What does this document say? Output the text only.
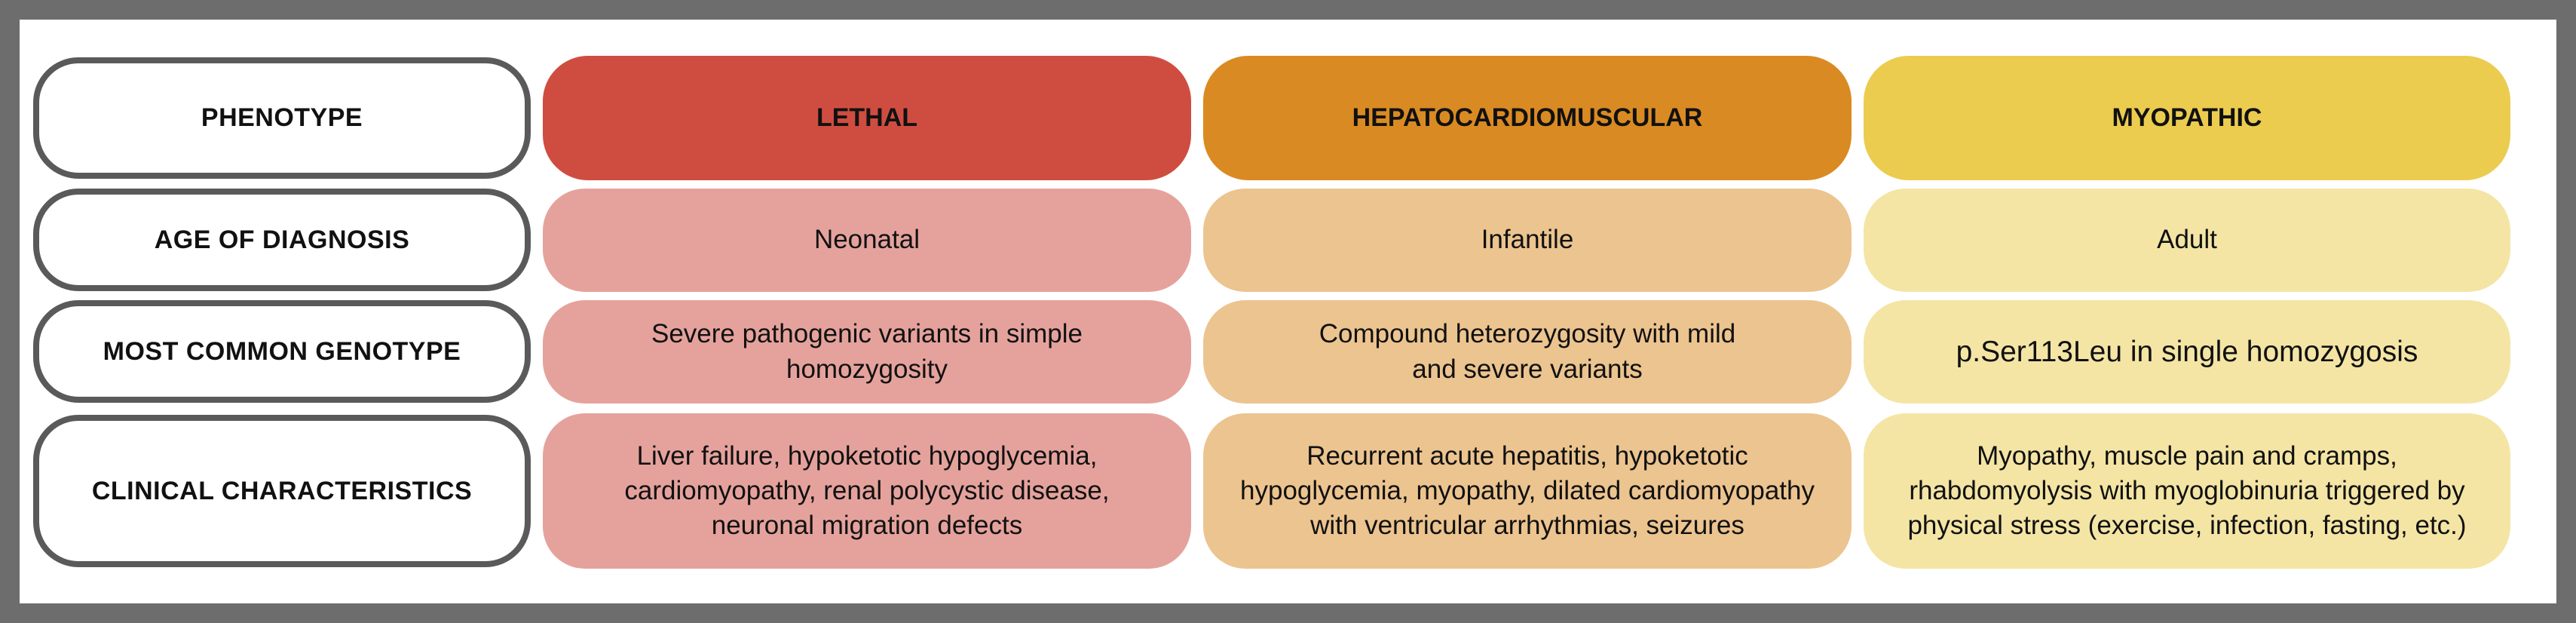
PHENOTYPE
AGE OF DIAGNOSIS
MOST COMMON GENOTYPE
CLINICAL CHARACTERISTICS
LETHAL
Neonatal
Severe pathogenic variants in simple
homozygosity
Liver failure, hypoketotic hypoglycemia,
cardiomyopathy, renal polycystic disease,
neuronal migration defects
HEPATOCARDIOMUSCULAR
Infantile
Compound heterozygosity with mild
and severe variants
Recurrent acute hepatitis, hypoketotic
hypoglycemia, myopathy, dilated cardiomyopathy
with ventricular arrhythmias, seizures
MYOPATHIC
Adult
p.Ser113Leu in single homozygosis
Myopathy, muscle pain and cramps,
rhabdomyolysis with myoglobinuria triggered by
physical stress (exercise, infection, fasting, etc.)
